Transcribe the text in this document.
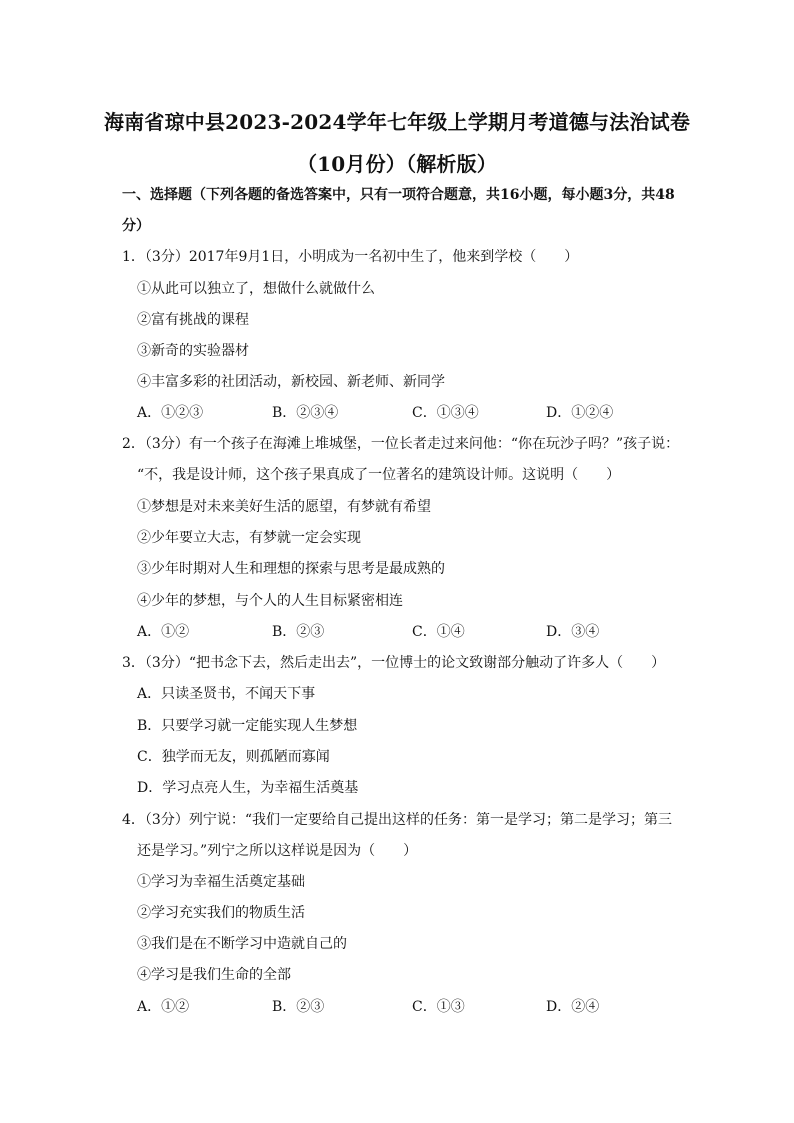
海南省琼中县2023-2024学年七年级上学期月考道德与法治试卷
（10月份）（解析版）
一、选择题（下列各题的备选答案中，只有一项符合题意，共16小题，每小题3分，共48
分）
1．（3分）2017年9月1日，小明成为一名初中生了，他来到学校（　　）
①从此可以独立了，想做什么就做什么
②富有挑战的课程
③新奇的实验器材
④丰富多彩的社团活动，新校园、新老师、新同学
A．①②③	B．②③④	C．①③④	D．①②④
2．（3分）有一个孩子在海滩上堆城堡，一位长者走过来问他：“你在玩沙子吗？”孩子说：
“不，我是设计师，这个孩子果真成了一位著名的建筑设计师。这说明（　　）
①梦想是对未来美好生活的愿望，有梦就有希望
②少年要立大志，有梦就一定会实现
③少年时期对人生和理想的探索与思考是最成熟的
④少年的梦想，与个人的人生目标紧密相连
A．①②	B．②③	C．①④	D．③④
3．（3分）“把书念下去，然后走出去”，一位博士的论文致谢部分触动了许多人（　　）
A．只读圣贤书，不闻天下事
B．只要学习就一定能实现人生梦想
C．独学而无友，则孤陋而寡闻
D．学习点亮人生，为幸福生活奠基
4．（3分）列宁说：“我们一定要给自己提出这样的任务：第一是学习；第二是学习；第三
还是学习。”列宁之所以这样说是因为（　　）
①学习为幸福生活奠定基础
②学习充实我们的物质生活
③我们是在不断学习中造就自己的
④学习是我们生命的全部
A．①②	B．②③	C．①③	D．②④
